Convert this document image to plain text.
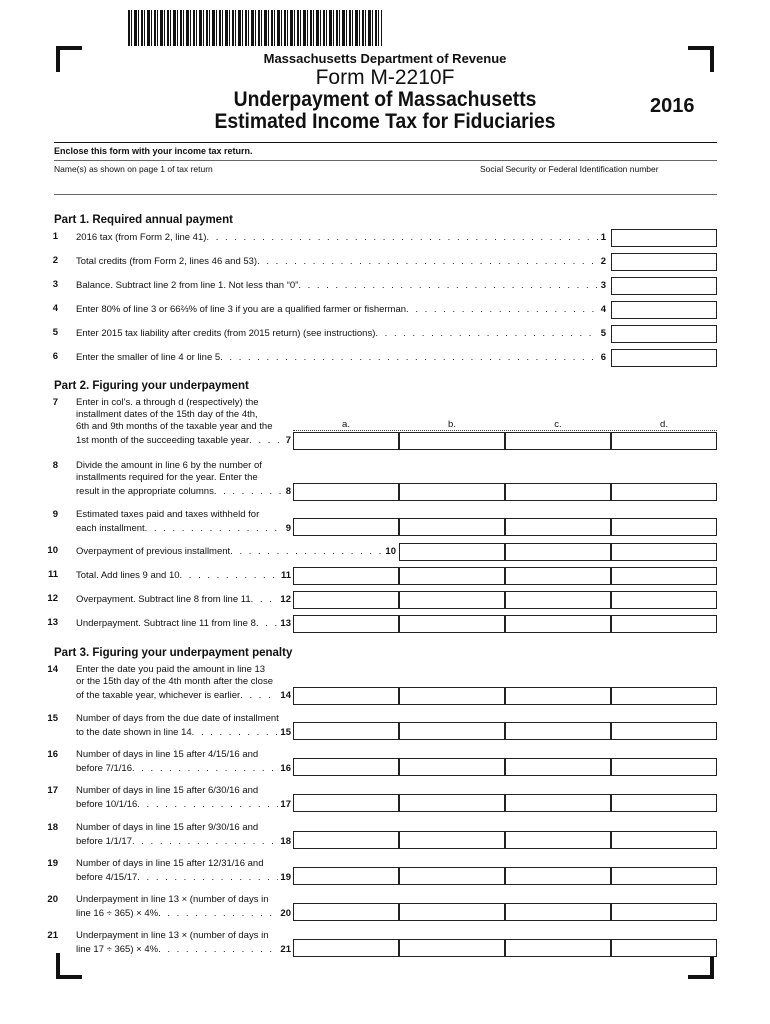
Massachusetts Department of Revenue
Form M-2210F
Underpayment of Massachusetts
Estimated Income Tax for Fiduciaries
2016
Enclose this form with your income tax return.
Name(s) as shown on page 1 of tax return	Social Security or Federal Identification number
Part 1. Required annual payment
1 2016 tax (from Form 2, line 41) . . .	1
2 Total credits (from Form 2, lines 46 and 53) . . .	2
3 Balance. Subtract line 2 from line 1. Not less than “0” . . .	3
4 Enter 80% of line 3 or 66⅔% of line 3 if you are a qualified farmer or fisherman . . .	4
5 Enter 2015 tax liability after credits (from 2015 return) (see instructions) . . .	5
6 Enter the smaller of line 4 or line 5 . . .	6
Part 2. Figuring your underpayment
a.	b.	c.	d.
7 Enter in col’s. a through d (respectively) the
installment dates of the 15th day of the 4th,
6th and 9th months of the taxable year and the
1st month of the succeeding taxable year . . .	7
8 Divide the amount in line 6 by the number of
installments required for the year. Enter the
result in the appropriate columns . . .	8
9 Estimated taxes paid and taxes withheld for
each installment . . .	9
10 Overpayment of previous installment . . .	10
11 Total. Add lines 9 and 10 . . .	11
12 Overpayment. Subtract line 8 from line 11 . . .	12
13 Underpayment. Subtract line 11 from line 8 . . .	13
Part 3. Figuring your underpayment penalty
14 Enter the date you paid the amount in line 13
or the 15th day of the 4th month after the close
of the taxable year, whichever is earlier . . .	14
15 Number of days from the due date of installment
to the date shown in line 14 . . .	15
16 Number of days in line 15 after 4/15/16 and
before 7/1/16 . . .	16
17 Number of days in line 15 after 6/30/16 and
before 10/1/16 . . .	17
18 Number of days in line 15 after 9/30/16 and
before 1/1/17 . . .	18
19 Number of days in line 15 after 12/31/16 and
before 4/15/17 . . .	19
20 Underpayment in line 13 × (number of days in
line 16 ÷ 365) × 4% . . .	20
21 Underpayment in line 13 × (number of days in
line 17 ÷ 365) × 4% . . .	21
